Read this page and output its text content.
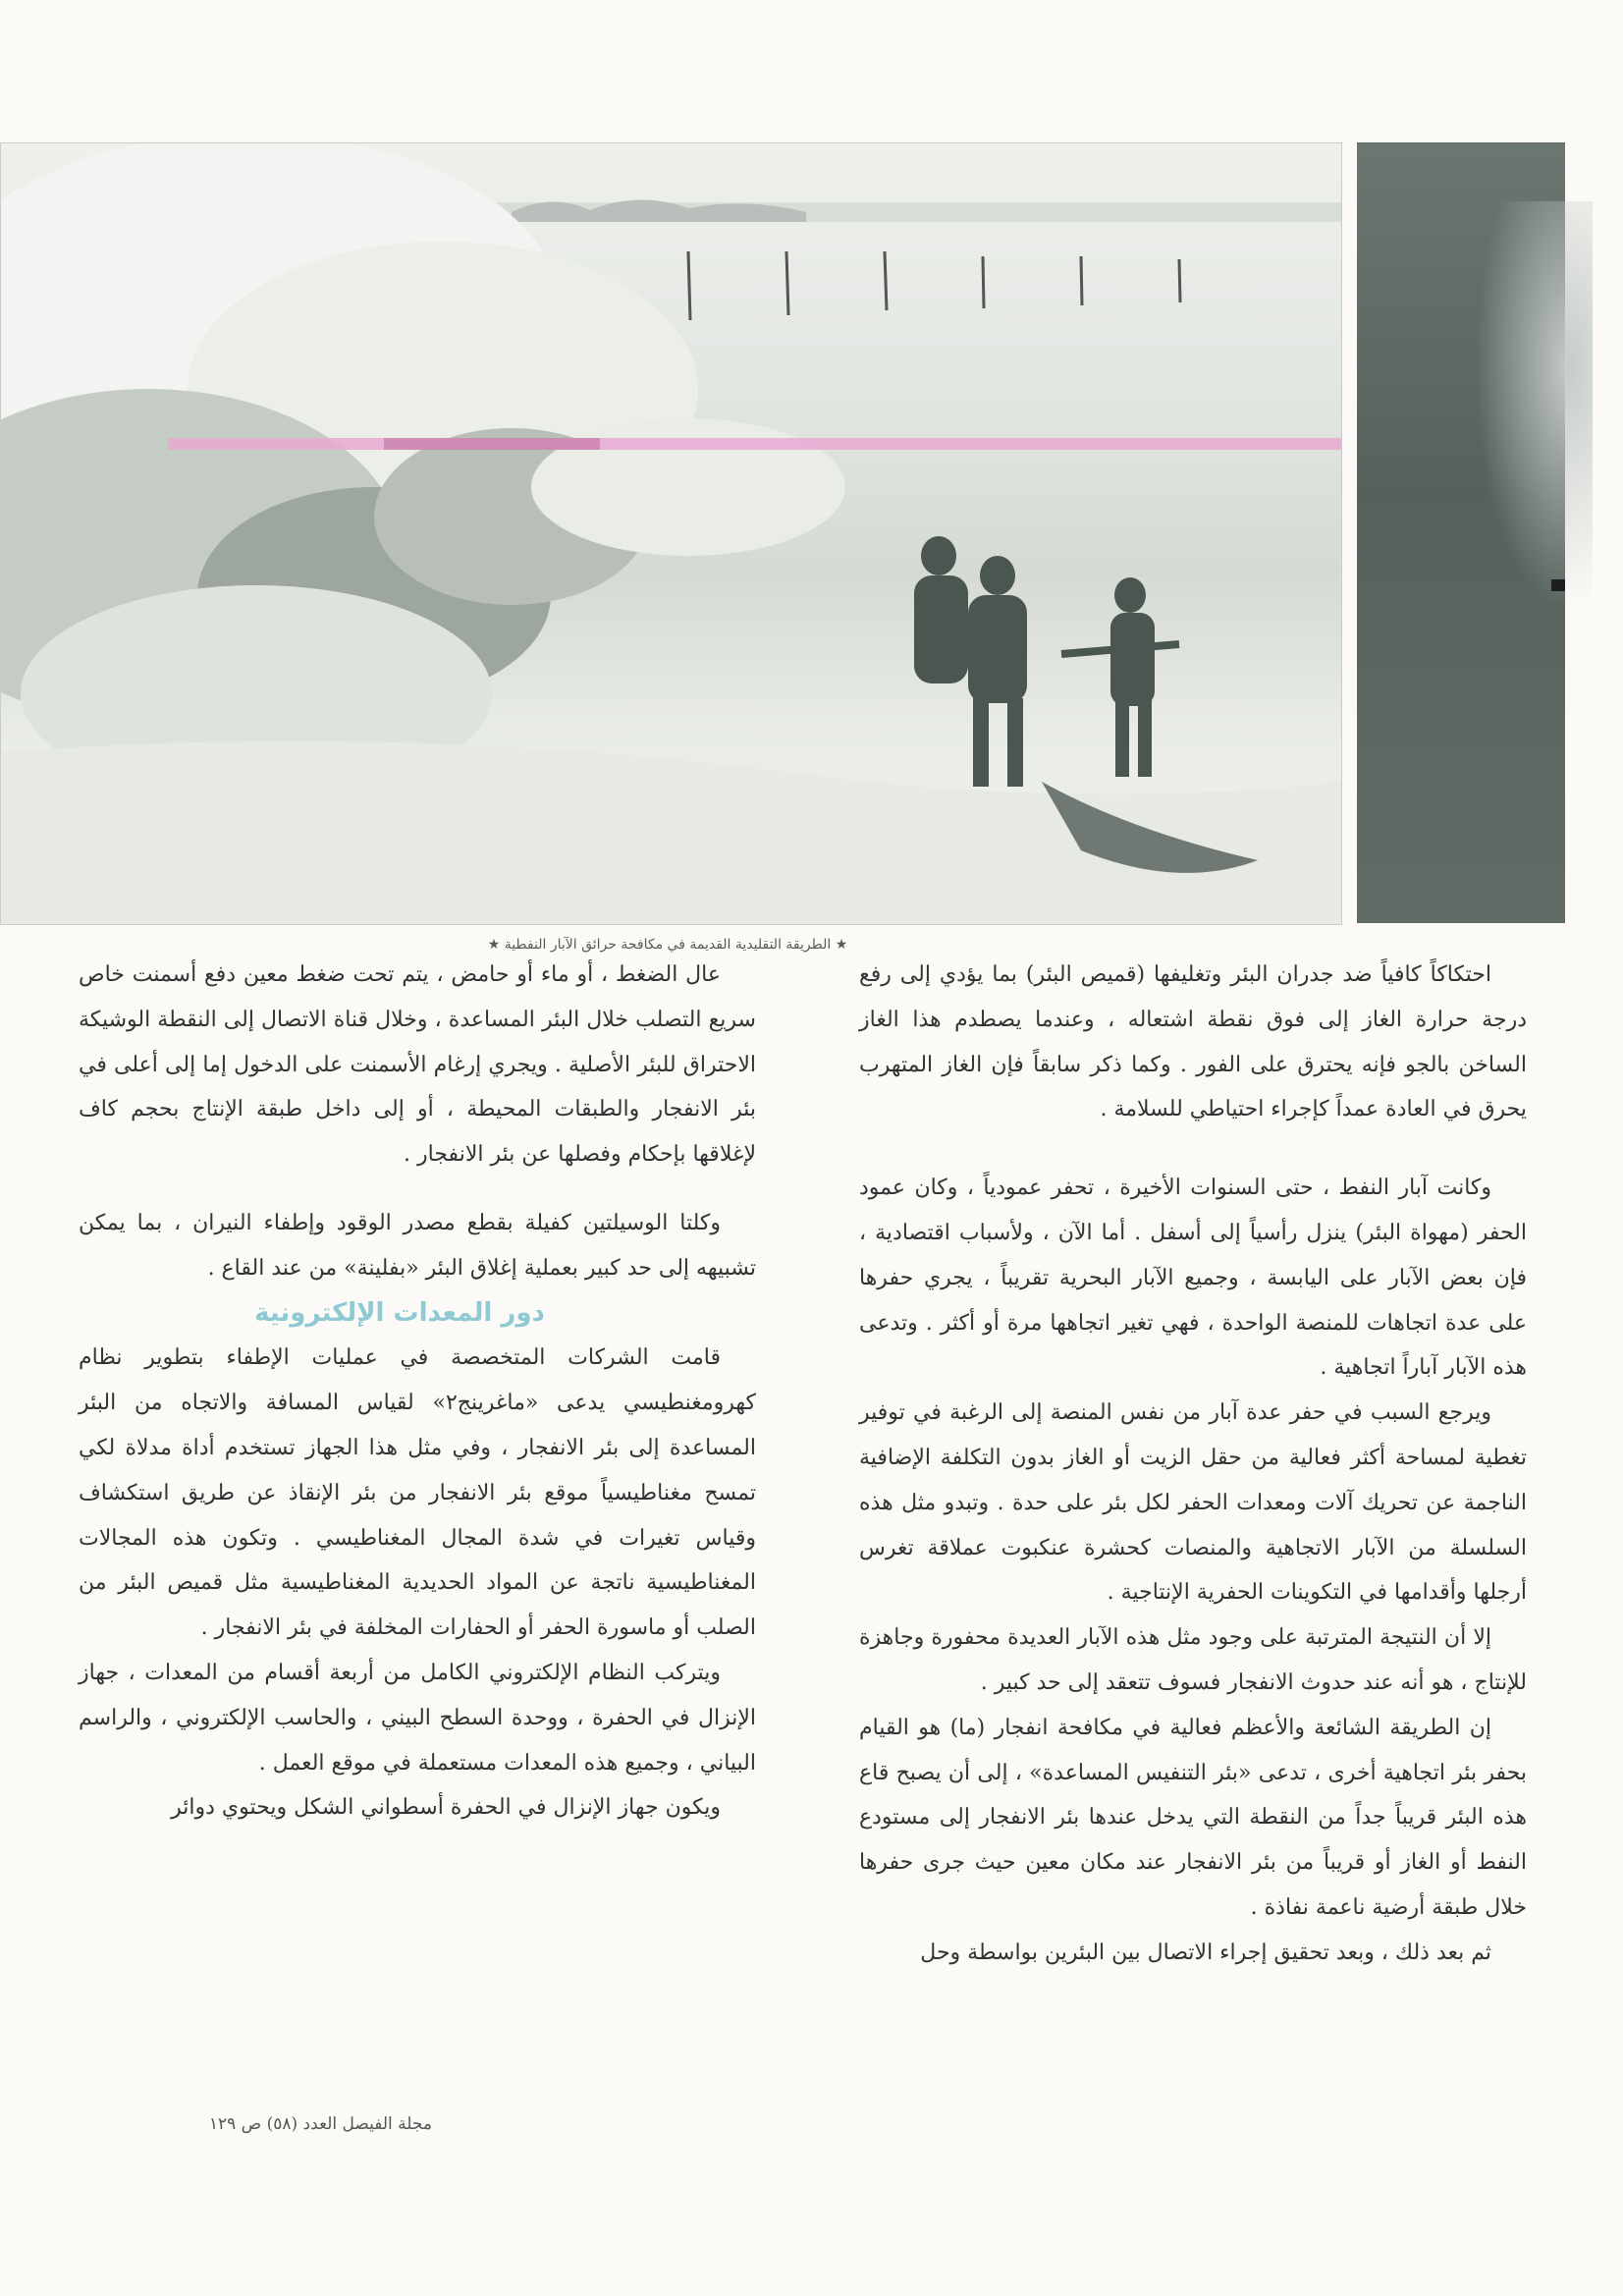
★ الطريقة التقليدية القديمة في مكافحة حرائق الآبار النفطية ★

احتكاكاً كافياً ضد جدران البئر وتغليفها (قميص البئر) بما يؤدي إلى رفع درجة حرارة الغاز إلى فوق نقطة اشتعاله ، وعندما يصطدم هذا الغاز الساخن بالجو فإنه يحترق على الفور . وكما ذكر سابقاً فإن الغاز المتهرب يحرق في العادة عمداً كإجراء احتياطي للسلامة .

وكانت آبار النفط ، حتى السنوات الأخيرة ، تحفر عمودياً ، وكان عمود الحفر (مهواة البئر) ينزل رأسياً إلى أسفل . أما الآن ، ولأسباب اقتصادية ، فإن بعض الآبار على اليابسة ، وجميع الآبار البحرية تقريباً ، يجري حفرها على عدة اتجاهات للمنصة الواحدة ، فهي تغير اتجاهها مرة أو أكثر . وتدعى هذه الآبار آباراً اتجاهية .

ويرجع السبب في حفر عدة آبار من نفس المنصة إلى الرغبة في توفير تغطية لمساحة أكثر فعالية من حقل الزيت أو الغاز بدون التكلفة الإضافية الناجمة عن تحريك آلات ومعدات الحفر لكل بئر على حدة . وتبدو مثل هذه السلسلة من الآبار الاتجاهية والمنصات كحشرة عنكبوت عملاقة تغرس أرجلها وأقدامها في التكوينات الحفرية الإنتاجية .

إلا أن النتيجة المترتبة على وجود مثل هذه الآبار العديدة محفورة وجاهزة للإنتاج ، هو أنه عند حدوث الانفجار فسوف تتعقد إلى حد كبير .

إن الطريقة الشائعة والأعظم فعالية في مكافحة انفجار (ما) هو القيام بحفر بئر اتجاهية أخرى ، تدعى «بئر التنفيس المساعدة» ، إلى أن يصبح قاع هذه البئر قريباً جداً من النقطة التي يدخل عندها بئر الانفجار إلى مستودع النفط أو الغاز أو قريباً من بئر الانفجار عند مكان معين حيث جرى حفرها خلال طبقة أرضية ناعمة نفاذة .

ثم بعد ذلك ، وبعد تحقيق إجراء الاتصال بين البئرين بواسطة وحل

عال الضغط ، أو ماء أو حامض ، يتم تحت ضغط معين دفع أسمنت خاص سريع التصلب خلال البئر المساعدة ، وخلال قناة الاتصال إلى النقطة الوشيكة الاحتراق للبئر الأصلية . ويجري إرغام الأسمنت على الدخول إما إلى أعلى في بئر الانفجار والطبقات المحيطة ، أو إلى داخل طبقة الإنتاج بحجم كاف لإغلاقها بإحكام وفصلها عن بئر الانفجار .

وكلتا الوسيلتين كفيلة بقطع مصدر الوقود وإطفاء النيران ، بما يمكن تشبيهه إلى حد كبير بعملية إغلاق البئر «بفلينة» من عند القاع .

دور المعدات الإلكترونية

قامت الشركات المتخصصة في عمليات الإطفاء بتطوير نظام كهرومغنطيسي يدعى «ماغرينج٢» لقياس المسافة والاتجاه من البئر المساعدة إلى بئر الانفجار ، وفي مثل هذا الجهاز تستخدم أداة مدلاة لكي تمسح مغناطيسياً موقع بئر الانفجار من بئر الإنقاذ عن طريق استكشاف وقياس تغيرات في شدة المجال المغناطيسي . وتكون هذه المجالات المغناطيسية ناتجة عن المواد الحديدية المغناطيسية مثل قميص البئر من الصلب أو ماسورة الحفر أو الحفارات المخلفة في بئر الانفجار .

ويتركب النظام الإلكتروني الكامل من أربعة أقسام من المعدات ، جهاز الإنزال في الحفرة ، ووحدة السطح البيني ، والحاسب الإلكتروني ، والراسم البياني ، وجميع هذه المعدات مستعملة في موقع العمل .

ويكون جهاز الإنزال في الحفرة أسطواني الشكل ويحتوي دوائر

مجلة الفيصل العدد (٥٨) ص ١٢٩
